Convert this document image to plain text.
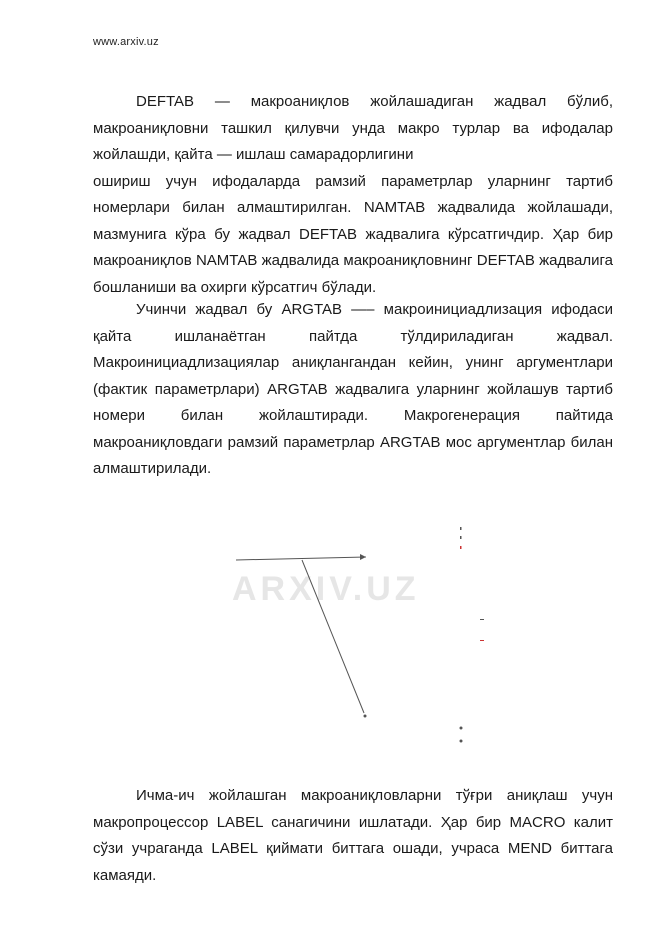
www.arxiv.uz

DEFTAB — макроаниқлов жойлашадиган жадвал бўлиб, макроаниқловни ташкил қилувчи унда макро турлар ва ифодалар жойлашди, қайта — ишлаш самарадорлигини

ошириш учун ифодаларда рамзий параметрлар уларнинг тартиб номерлари билан алмаштирилган. NAMTAB жадвалида жойлашади, мазмунига кўра бу жадвал DEFTAB жадвалига кўрсатгичдир. Ҳар бир макроаниқлов NAMTAB жадвалида макроаниқловнинг DEFTAB жадвалига бошланиши ва охирги кўрсатгич бўлади.

Учинчи жадвал бу ARGTAB —– макроинициадлизация ифодаси қайта ишланаётган пайтда тўлдириладиган жадвал. Макроинициадлизациялар аниқлангандан кейин, унинг аргументлари (фактик параметрлари) ARGTAB жадвалига уларнинг жойлашув тартиб номери билан жойлаштиради. Макрогенерация пайтида макроаниқловдаги рамзий параметрлар ARGTAB мос аргументлар билан алмаштирилади.
ARXIV.UZ
Ичма-ич жойлашган макроаниқловларни тўғри аниқлаш учун макропроцессор LABEL санагичини ишлатади. Ҳар бир MACRO калит сўзи учраганда LABEL қиймати биттага ошади, учраса MEND биттага камаяди.
